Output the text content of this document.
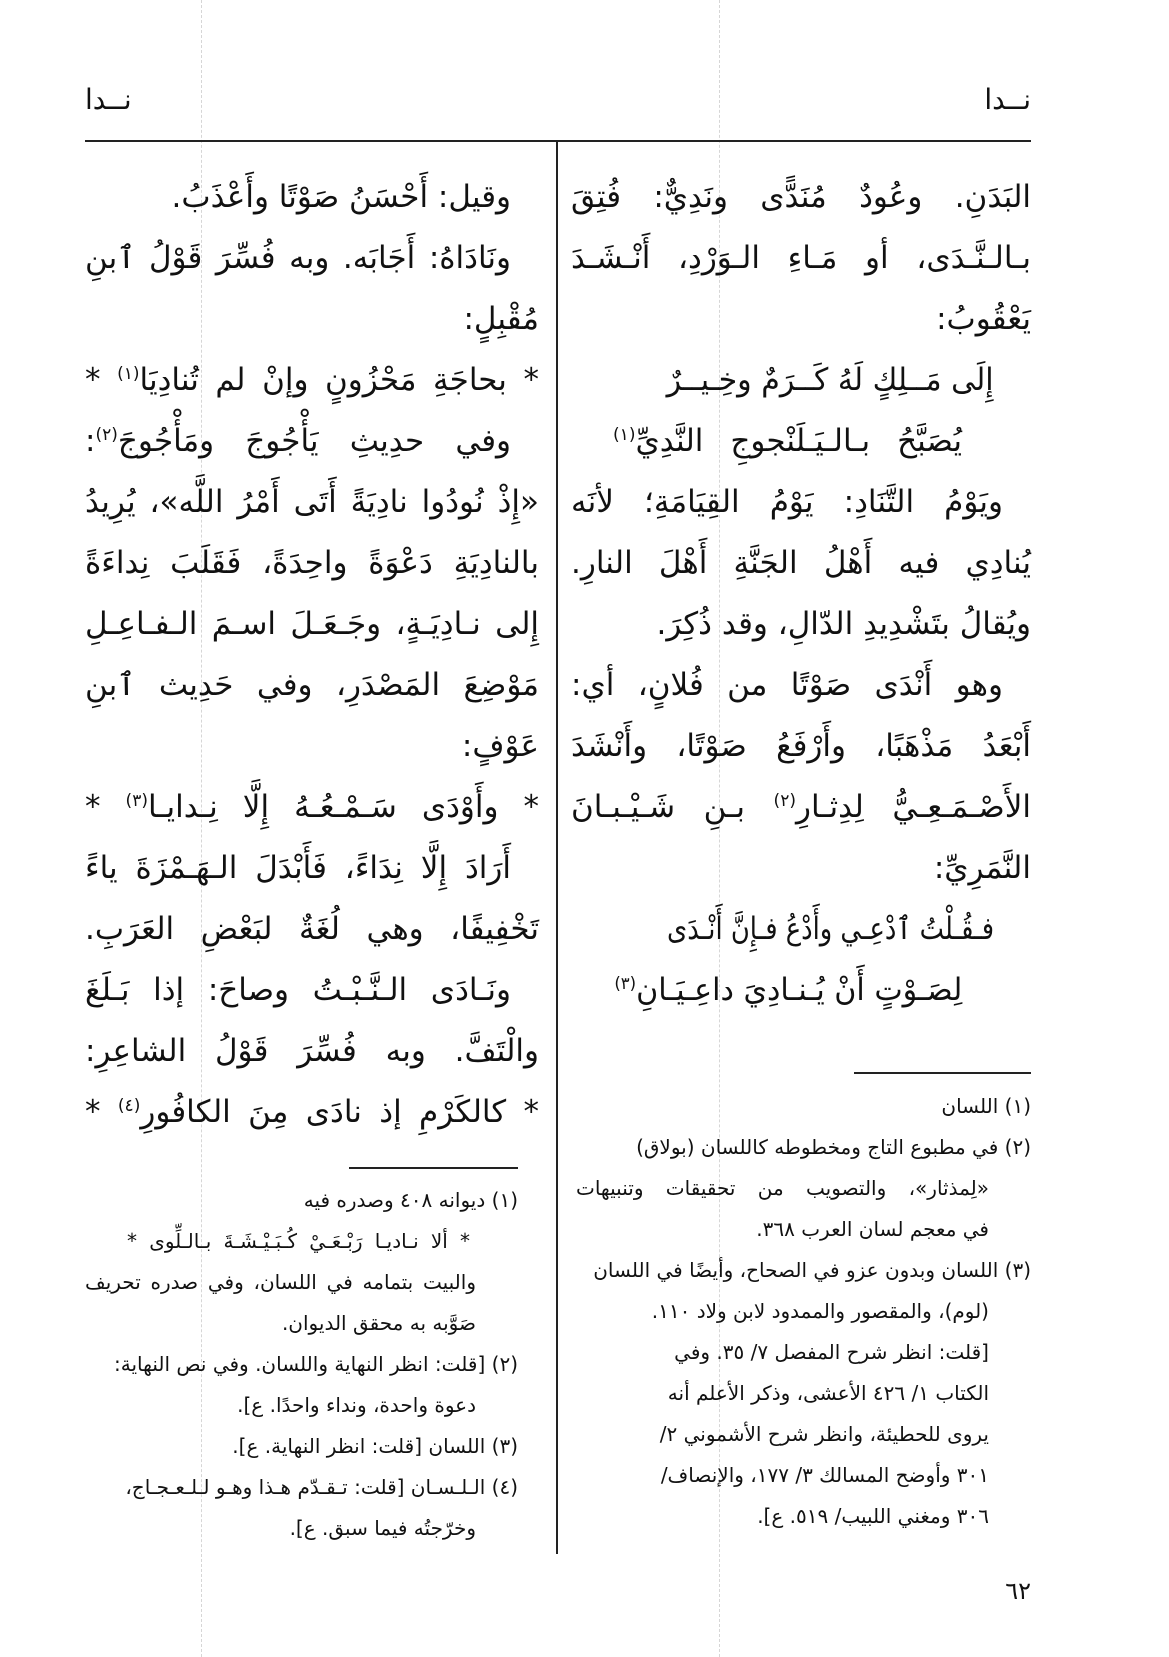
نــدا
نــدا
البَدَنِ. وعُودٌ مُنَدًّى ونَدِيٌّ: فُتِقَ
بـالـنَّـدَى، أو مَـاءِ الـوَرْدِ، أَنْـشَـدَ
يَعْقُوبُ:
إِلَى مَــلِكٍ لَهُ كَــرَمٌ وخِـيــرٌ
يُصَبَّحُ بـالـيَـلَنْجوجِ النَّدِيِّ$^{(١)}$
ويَوْمُ التَّنَادِ: يَوْمُ القِيَامَةِ؛ لأنَه
يُنادِي فيه أَهْلُ الجَنَّةِ أَهْلَ النارِ.
ويُقالُ بتَشْدِيدِ الدّالِ، وقد ذُكِرَ.
وهو أَنْدَى صَوْتًا من فُلانٍ، أي:
أَبْعَدُ مَذْهَبًا، وأَرْفَعُ صَوْتًا، وأَنْشَدَ
الأَصْـمَـعِـيُّ لِدِثـارِ$^{(٢)}$ بـنِ شَـيْـبـانَ
النَّمَرِيِّ:
فـقُـلْتُ ٱدْعِـي وأَدْعُ فـإِنَّ أَنْـدَى
لِصَـوْتٍ أَنْ يُـنـادِيَ داعِـيَـانِ$^{(٣)}$
(١) اللسان
(٢) في مطبوع التاج ومخطوطه كاللسان (بولاق)
«لِمذثار»، والتصويب من تحقيقات وتنبيهات
في معجم لسان العرب ٣٦٨.
(٣) اللسان وبدون عزو في الصحاح، وأيضًا في اللسان
(لوم)، والمقصور والممدود لابن ولاد ١١٠.
[قلت: انظر شرح المفصل ٧/ ٣٥. وفي
الكتاب ١/ ٤٢٦ الأعشى، وذكر الأعلم أنه
يروى للحطيئة، وانظر شرح الأشموني ٢/
٣٠١ وأوضح المسالك ٣/ ١٧٧، والإنصاف/
٣٠٦ ومغني اللبيب/ ٥١٩. ع].
وقيل: أَحْسَنُ صَوْتًا وأَعْذَبُ.
ونَادَاهُ: أَجَابَه. وبه فُسِّرَ قَوْلُ ٱبنِ
مُقْبِلٍ:
* بحاجَةِ مَحْزُونٍ وإنْ لم تُنادِيَا$^{(١)}$ *
وفي حدِيثِ يَأْجُوجَ ومَأْجُوجَ$^{(٢)}$:
«إِذْ نُودُوا نادِيَةً أَتَى أَمْرُ اللَّه»، يُرِيدُ
بالنادِيَةِ دَعْوَةً واحِدَةً، فَقَلَبَ نِداءَةً
إِلى نـادِيَـةٍ، وجَـعَـلَ اسـمَ الـفـاعِـلِ
مَوْضِعَ المَصْدَرِ، وفي حَدِيث ٱبنِ
عَوْفٍ:
* وأَوْدَى سَـمْـعُـهُ إِلَّا نِـدايـا$^{(٣)}$ *
أَرَادَ إِلَّا نِدَاءً، فَأَبْدَلَ الـهَـمْزَةَ ياءً
تَخْفِيفًا، وهي لُغَةٌ لبَعْضِ العَرَبِ.
ونَـادَى الـنَّـبْـتُ وصاحَ: إذا بَـلَغَ
والْتَفَّ. وبه فُسِّرَ قَوْلُ الشاعِرِ:
* كالكَرْمِ إذ نادَى مِنَ الكافُورِ$^{(٤)}$ *
(١) ديوانه ٤٠٨ وصدره فيه
* ألا نـاديـا رَبْـعَـيْ كُـبَـيْـشَـةَ بـالـلِّوى *
والبيت بتمامه في اللسان، وفي صدره تحريف
صَوَّبه به محقق الديوان.
(٢) [قلت: انظر النهاية واللسان. وفي نص النهاية:
دعوة واحدة، ونداء واحدًا. ع].
(٣) اللسان [قلت: انظر النهاية. ع].
(٤) الـلـسـان [قلت: تـقـدّم هـذا وهـو لـلـعـجـاج،
وخرّجتُه فيما سبق. ع].
٦٢
